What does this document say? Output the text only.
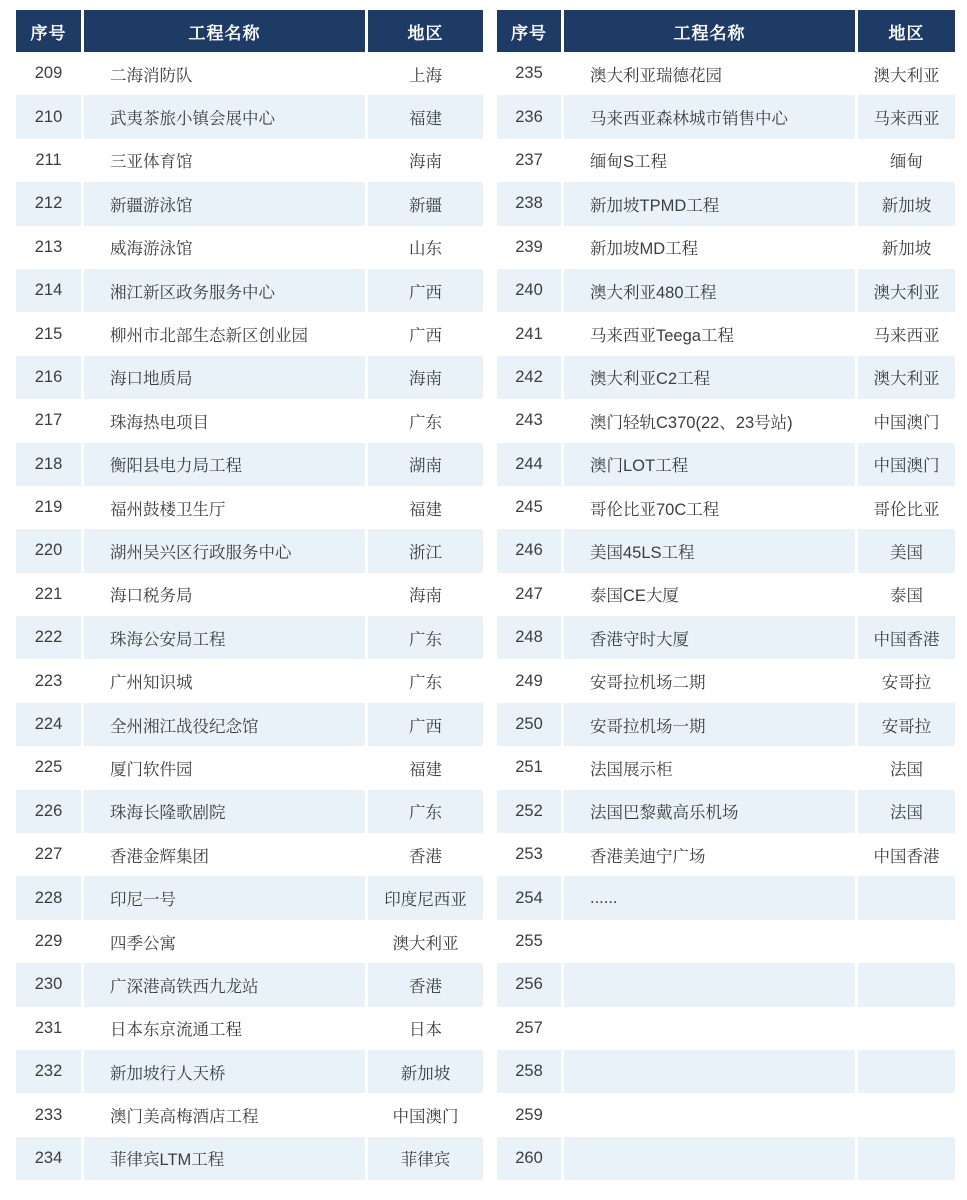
序号	工程名称	地区
209	二海消防队	上海
210	武夷茶旅小镇会展中心	福建
211	三亚体育馆	海南
212	新疆游泳馆	新疆
213	威海游泳馆	山东
214	湘江新区政务服务中心	广西
215	柳州市北部生态新区创业园	广西
216	海口地质局	海南
217	珠海热电项目	广东
218	衡阳县电力局工程	湖南
219	福州鼓楼卫生厅	福建
220	湖州吴兴区行政服务中心	浙江
221	海口税务局	海南
222	珠海公安局工程	广东
223	广州知识城	广东
224	全州湘江战役纪念馆	广西
225	厦门软件园	福建
226	珠海长隆歌剧院	广东
227	香港金辉集团	香港
228	印尼一号	印度尼西亚
229	四季公寓	澳大利亚
230	广深港高铁西九龙站	香港
231	日本东京流通工程	日本
232	新加坡行人天桥	新加坡
233	澳门美高梅酒店工程	中国澳门
234	菲律宾LTM工程	菲律宾
序号	工程名称	地区
235	澳大利亚瑞德花园	澳大利亚
236	马来西亚森林城市销售中心	马来西亚
237	缅甸S工程	缅甸
238	新加坡TPMD工程	新加坡
239	新加坡MD工程	新加坡
240	澳大利亚480工程	澳大利亚
241	马来西亚Teega工程	马来西亚
242	澳大利亚C2工程	澳大利亚
243	澳门轻轨C370(22、23号站)	中国澳门
244	澳门LOT工程	中国澳门
245	哥伦比亚70C工程	哥伦比亚
246	美国45LS工程	美国
247	泰国CE大厦	泰国
248	香港守时大厦	中国香港
249	安哥拉机场二期	安哥拉
250	安哥拉机场一期	安哥拉
251	法国展示柜	法国
252	法国巴黎戴高乐机场	法国
253	香港美迪宁广场	中国香港
254	......	
255		
256		
257		
258		
259		
260		
